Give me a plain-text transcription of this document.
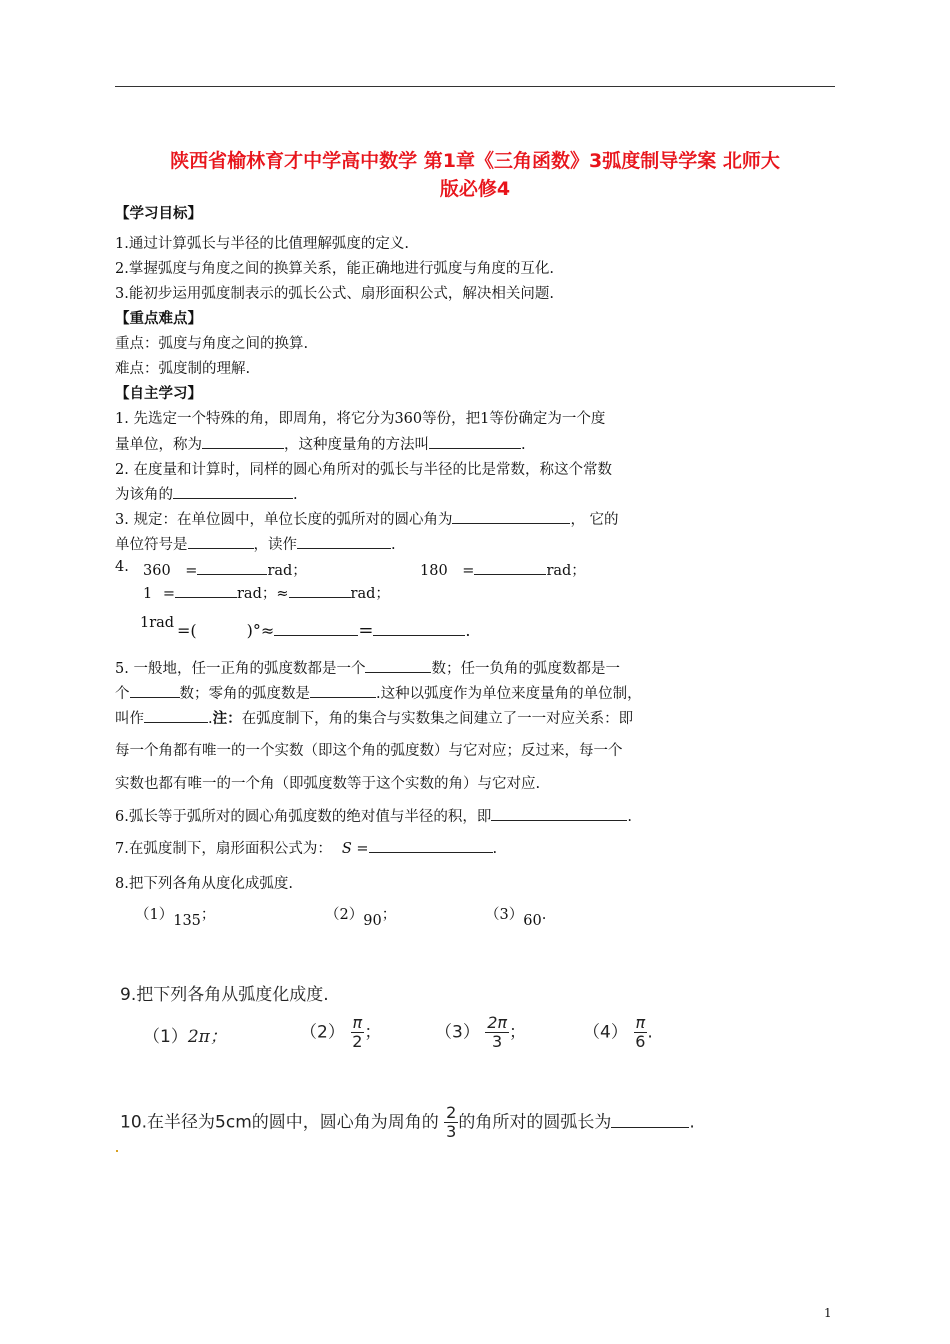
陕西省榆林育才中学高中数学 第1章《三角函数》3弧度制导学案 北师大
版必修4
【学习目标】
1.通过计算弧长与半径的比值理解弧度的定义.
2.掌握弧度与角度之间的换算关系，能正确地进行弧度与角度的互化.
3.能初步运用弧度制表示的弧长公式、扇形面积公式，解决相关问题.
【重点难点】
重点：弧度与角度之间的换算.
难点：弧度制的理解.
【自主学习】
1. 先选定一个特殊的角，即周角，将它分为360等份，把1等份确定为一个度
量单位，称为	，这种度量角的方法叫	.
2. 在度量和计算时，同样的圆心角所对的弧长与半径的比是常数，称这个常数
为该角的	.
3. 规定：在单位圆中，单位长度的弧所对的圆心角为	， 它的
单位符号是	，读作	.
4. 360 =	rad；	180 =	rad；
1 =	rad；≈	rad；
1rad =(	)°≈	=	.
5. 一般地，任一正角的弧度数都是一个	数；任一负角的弧度数都是一
个	数；零角的弧度数是	.这种以弧度作为单位来度量角的单位制，
叫作	.注：在弧度制下，角的集合与实数集之间建立了一一对应关系：即
每一个角都有唯一的一个实数（即这个角的弧度数）与它对应；反过来，每一个
实数也都有唯一的一个角（即弧度数等于这个实数的角）与它对应.
6.弧长等于弧所对的圆心角弧度数的绝对值与半径的积，即	.
7.在弧度制下，扇形面积公式为： S =	.
8.把下列各角从度化成弧度.
（1）135；	（2）90；	（3）60.
9.把下列各角从弧度化成度.
（1）2π；	$(2) \frac{\pi}{2}$ ；	$(3) \frac{2\pi}{3}$ ；	$(4) \frac{\pi}{6}$ .
10.在半径为5cm的圆中，圆心角为周角的 $\frac{2}{3}$ 的角所对的圆弧长为	.
1
